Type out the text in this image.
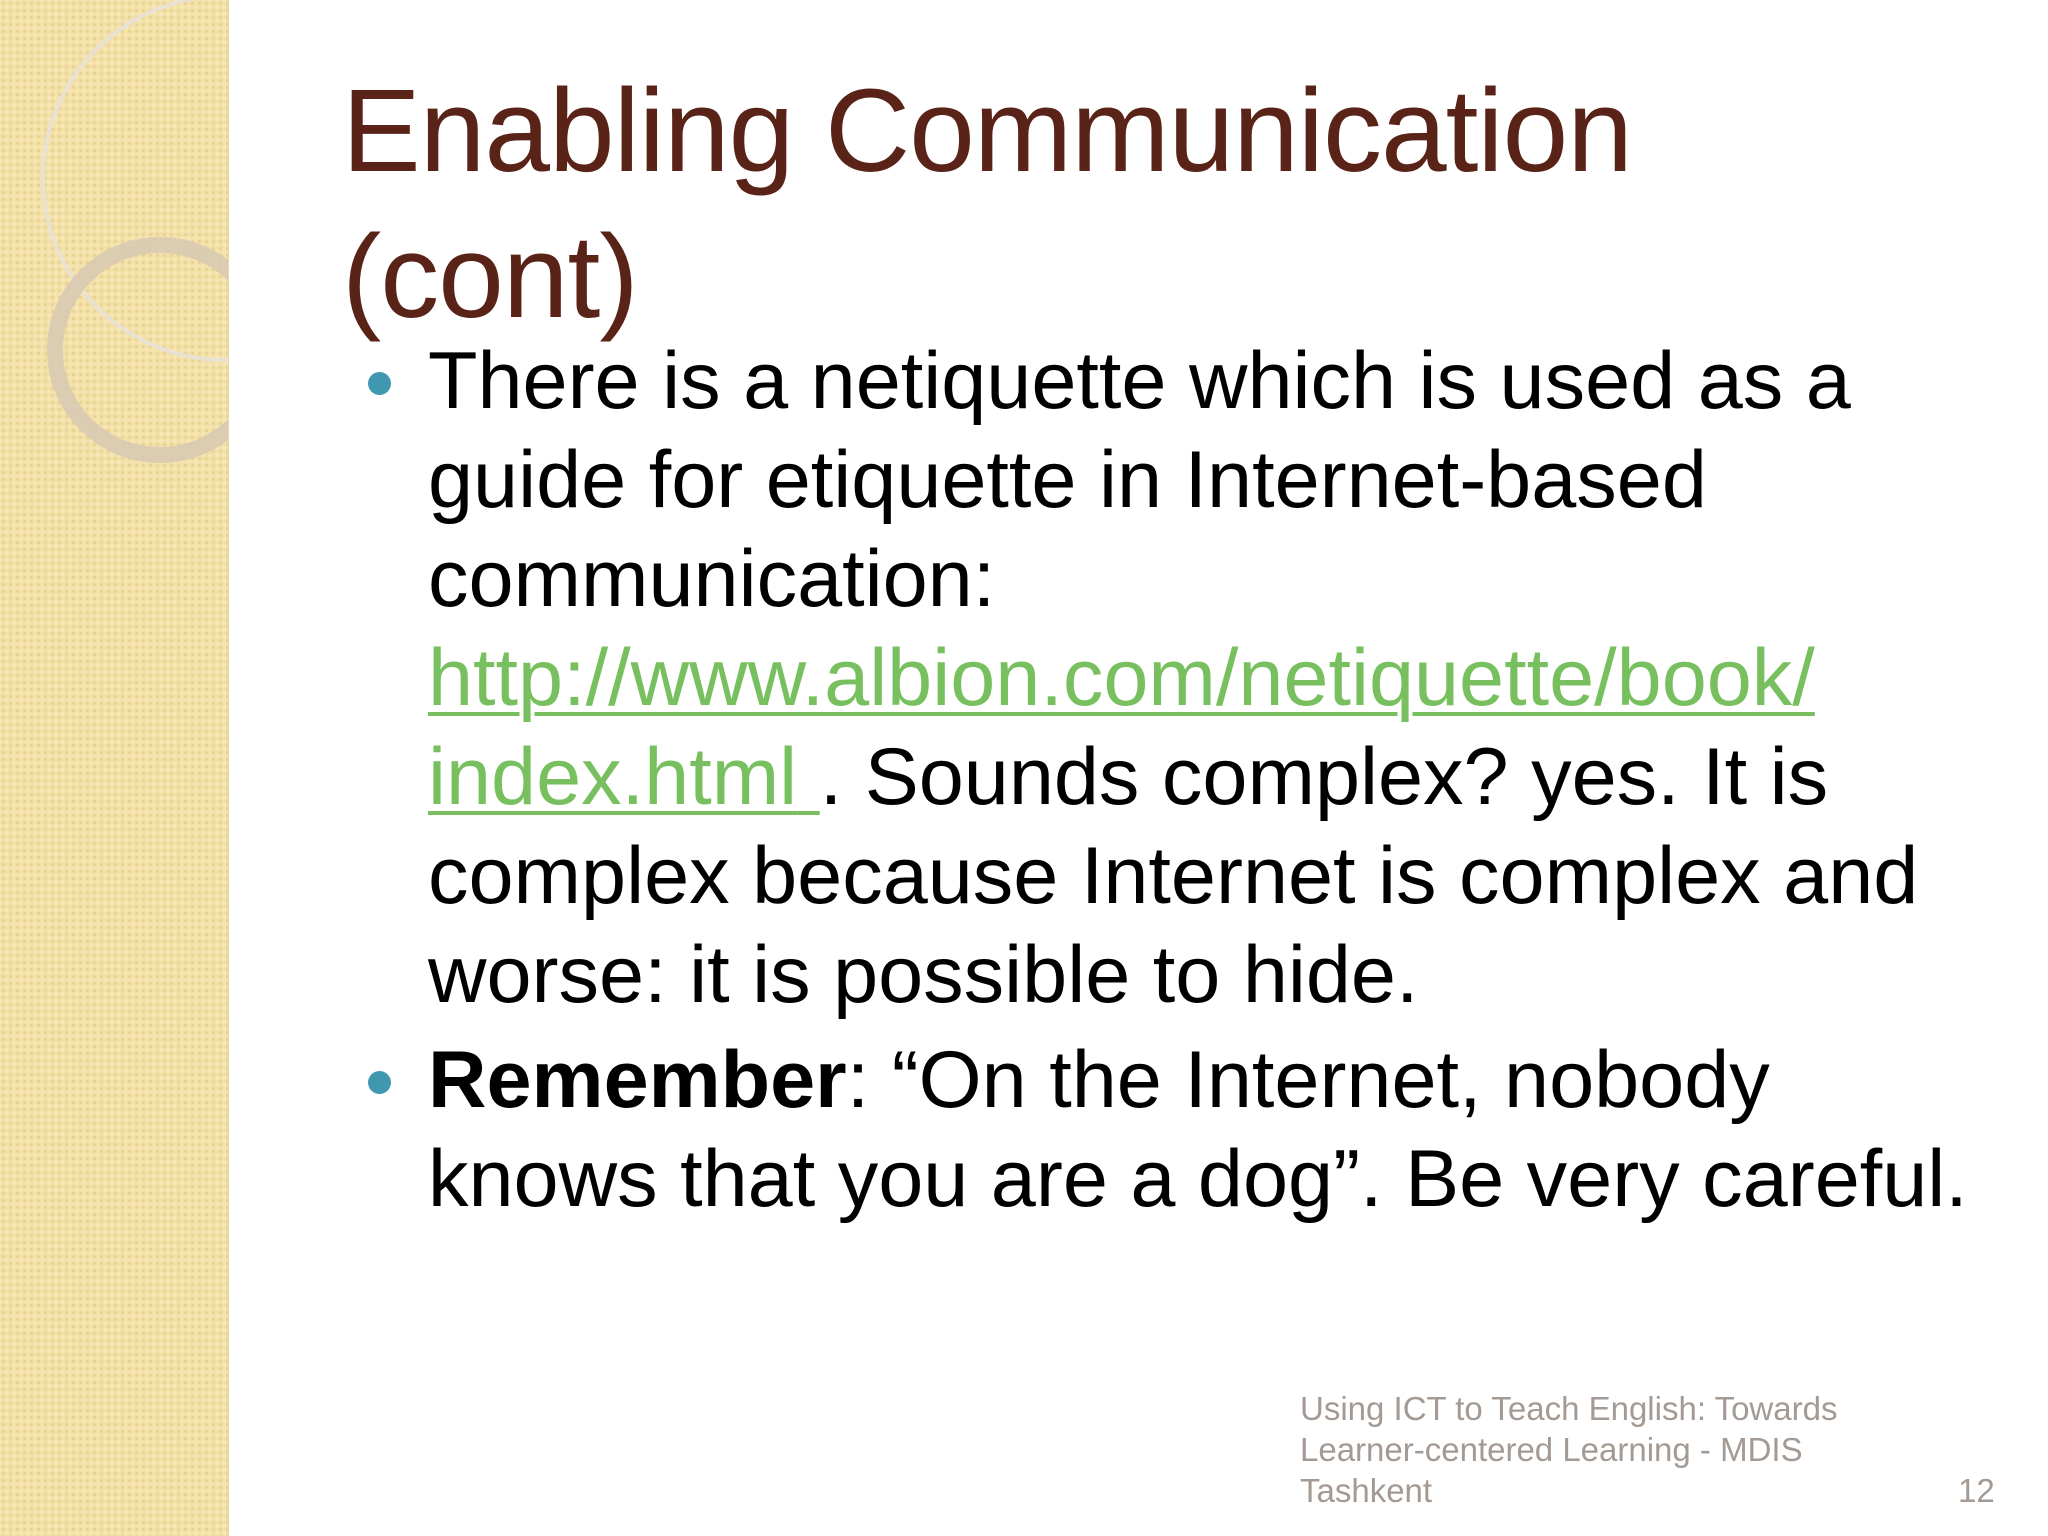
Enabling Communication
(cont)
There is a netiquette which is used as a guide for etiquette in Internet-based communication:
http://www.albion.com/netiquette/book/
index.html . Sounds complex? yes. It is complex because Internet is complex and worse: it is possible to hide.
Remember: “On the Internet, nobody knows that you are a dog”. Be very careful.
Using ICT to Teach English: Towards Learner-centered Learning - MDIS Tashkent	12
